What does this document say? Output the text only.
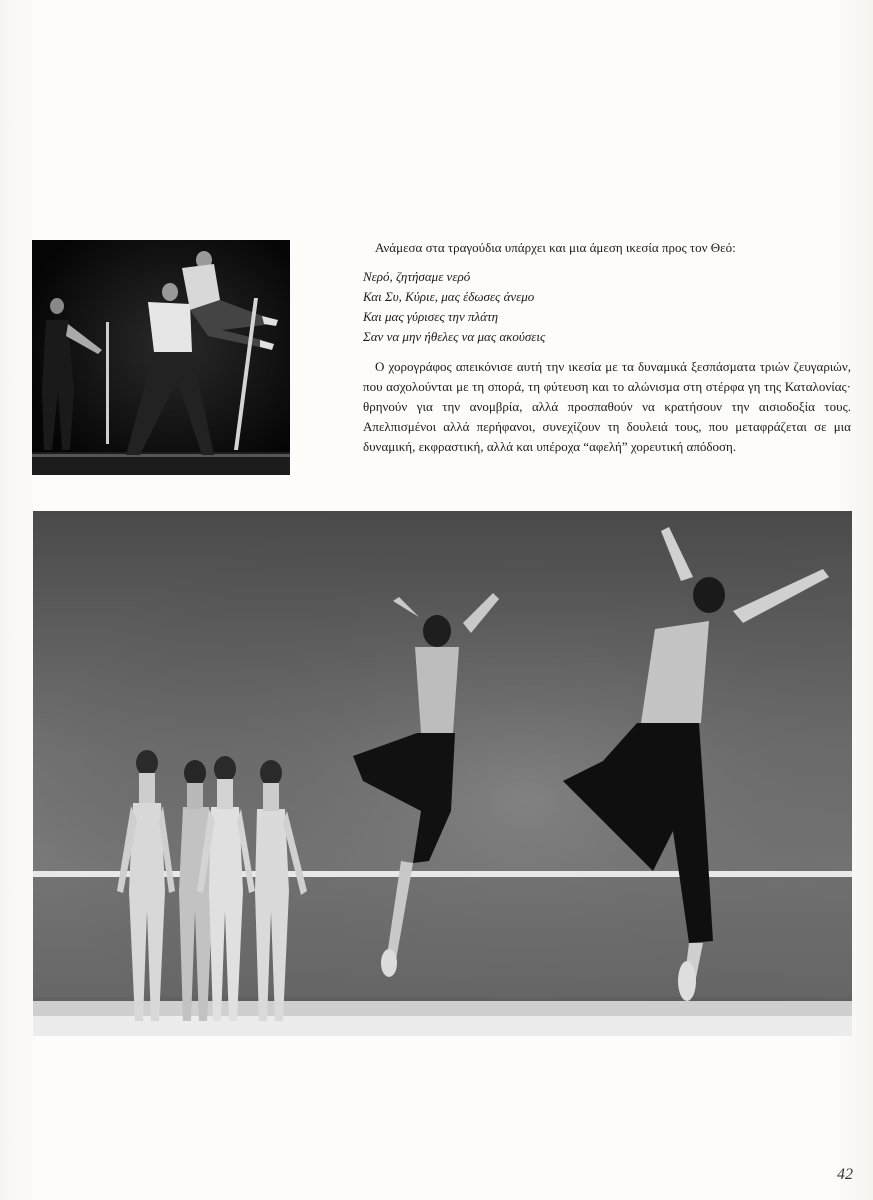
Ανάμεσα στα τραγούδια υπάρχει και μια άμεση ικεσία προς τον Θεό:

Νερό, ζητήσαμε νερό
Και Συ, Κύριε, μας έδωσες άνεμο
Και μας γύρισες την πλάτη
Σαν να μην ήθελες να μας ακούσεις

Ο χορογράφος απεικόνισε αυτή την ικεσία με τα δυναμικά ξεσπάσματα τριών ζευγαριών, που ασχολούνται με τη σπορά, τη φύτευση και το αλώνισμα στη στέρφα γη της Καταλονίας· θρηνούν για την ανομβρία, αλλά προσπαθούν να κρατήσουν την αισιοδοξία τους. Απελπισμένοι αλλά περήφανοι, συνεχίζουν τη δουλειά τους, που μεταφράζεται σε μια δυναμική, εκφραστική, αλλά και υπέροχα “αφελή” χορευτική απόδοση.

42
